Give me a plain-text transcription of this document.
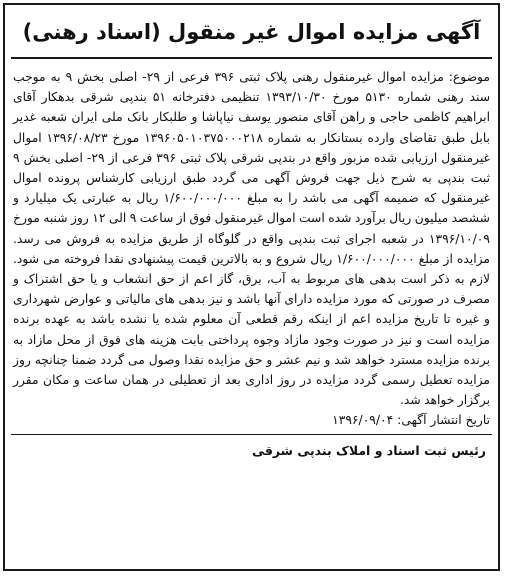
آگهی مزایده اموال غیر منقول (اسناد رهنی)

موضوع: مزایده اموال غیرمنقول رهنی پلاک ثبتی ۳۹۶ فرعی از ۲۹- اصلی بخش ۹ به موجب سند رهنی شماره ۵۱۳۰ مورخ ۱۳۹۳/۱۰/۳۰ تنظیمی دفترخانه ۵۱ بندپی شرقی بدهکار آقای ابراهیم کاظمی حاجی و راهن آقای منصور یوسف نیاپاشا و طلبکار بانک ملی ایران شعبه غدیر بابل طبق تقاضای وارده بستانکار به شماره ۱۳۹۶۰۵۰۱۰۳۷۵۰۰۰۲۱۸ مورخ ۱۳۹۶/۰۸/۲۳ اموال غیرمنقول ارزیابی شده مزبور واقع در بندپی شرقی پلاک ثبتی ۳۹۶ فرعی از ۲۹- اصلی بخش ۹ ثبت بندپی به شرح ذیل جهت فروش آگهی می گردد طبق ارزیابی کارشناس پرونده اموال غیرمنقول که ضمیمه آگهی می باشد را به مبلغ ۱/۶۰۰/۰۰۰/۰۰۰ ریال به عبارتی یک میلیارد و ششصد میلیون ریال برآورد شده است اموال غیرمنقول فوق از ساعت ۹ الی ۱۲ روز شنبه مورخ ۱۳۹۶/۱۰/۰۹ در شعبه اجرای ثبت بندپی واقع در گلوگاه از طریق مزایده به فروش می رسد. مزایده از مبلغ ۱/۶۰۰/۰۰۰/۰۰۰ ریال شروع و به بالاترین قیمت پیشنهادی نقدا فروخته می شود. لازم به ذکر است بدهی های مربوط به آب، برق، گاز اعم از حق انشعاب و یا حق اشتراک و مصرف در صورتی که مورد مزایده دارای آنها باشد و نیز بدهی های مالیاتی و عوارض شهرداری و غیره تا تاریخ مزایده اعم از اینکه رقم قطعی آن معلوم شده یا نشده باشد به عهده برنده مزایده است و نیز در صورت وجود مازاد وجوه پرداختی بابت هزینه های فوق از محل مازاد به برنده مزایده مسترد خواهد شد و نیم عشر و حق مزایده نقدا وصول می گردد ضمنا چنانچه روز مزایده تعطیل رسمی گردد مزایده در روز اداری بعد از تعطیلی در همان ساعت و مکان مقرر برگزار خواهد شد.

تاریخ انتشار آگهی: ۱۳۹۶/۰۹/۰۴
رئیس ثبت اسناد و املاک بندپی شرقی
